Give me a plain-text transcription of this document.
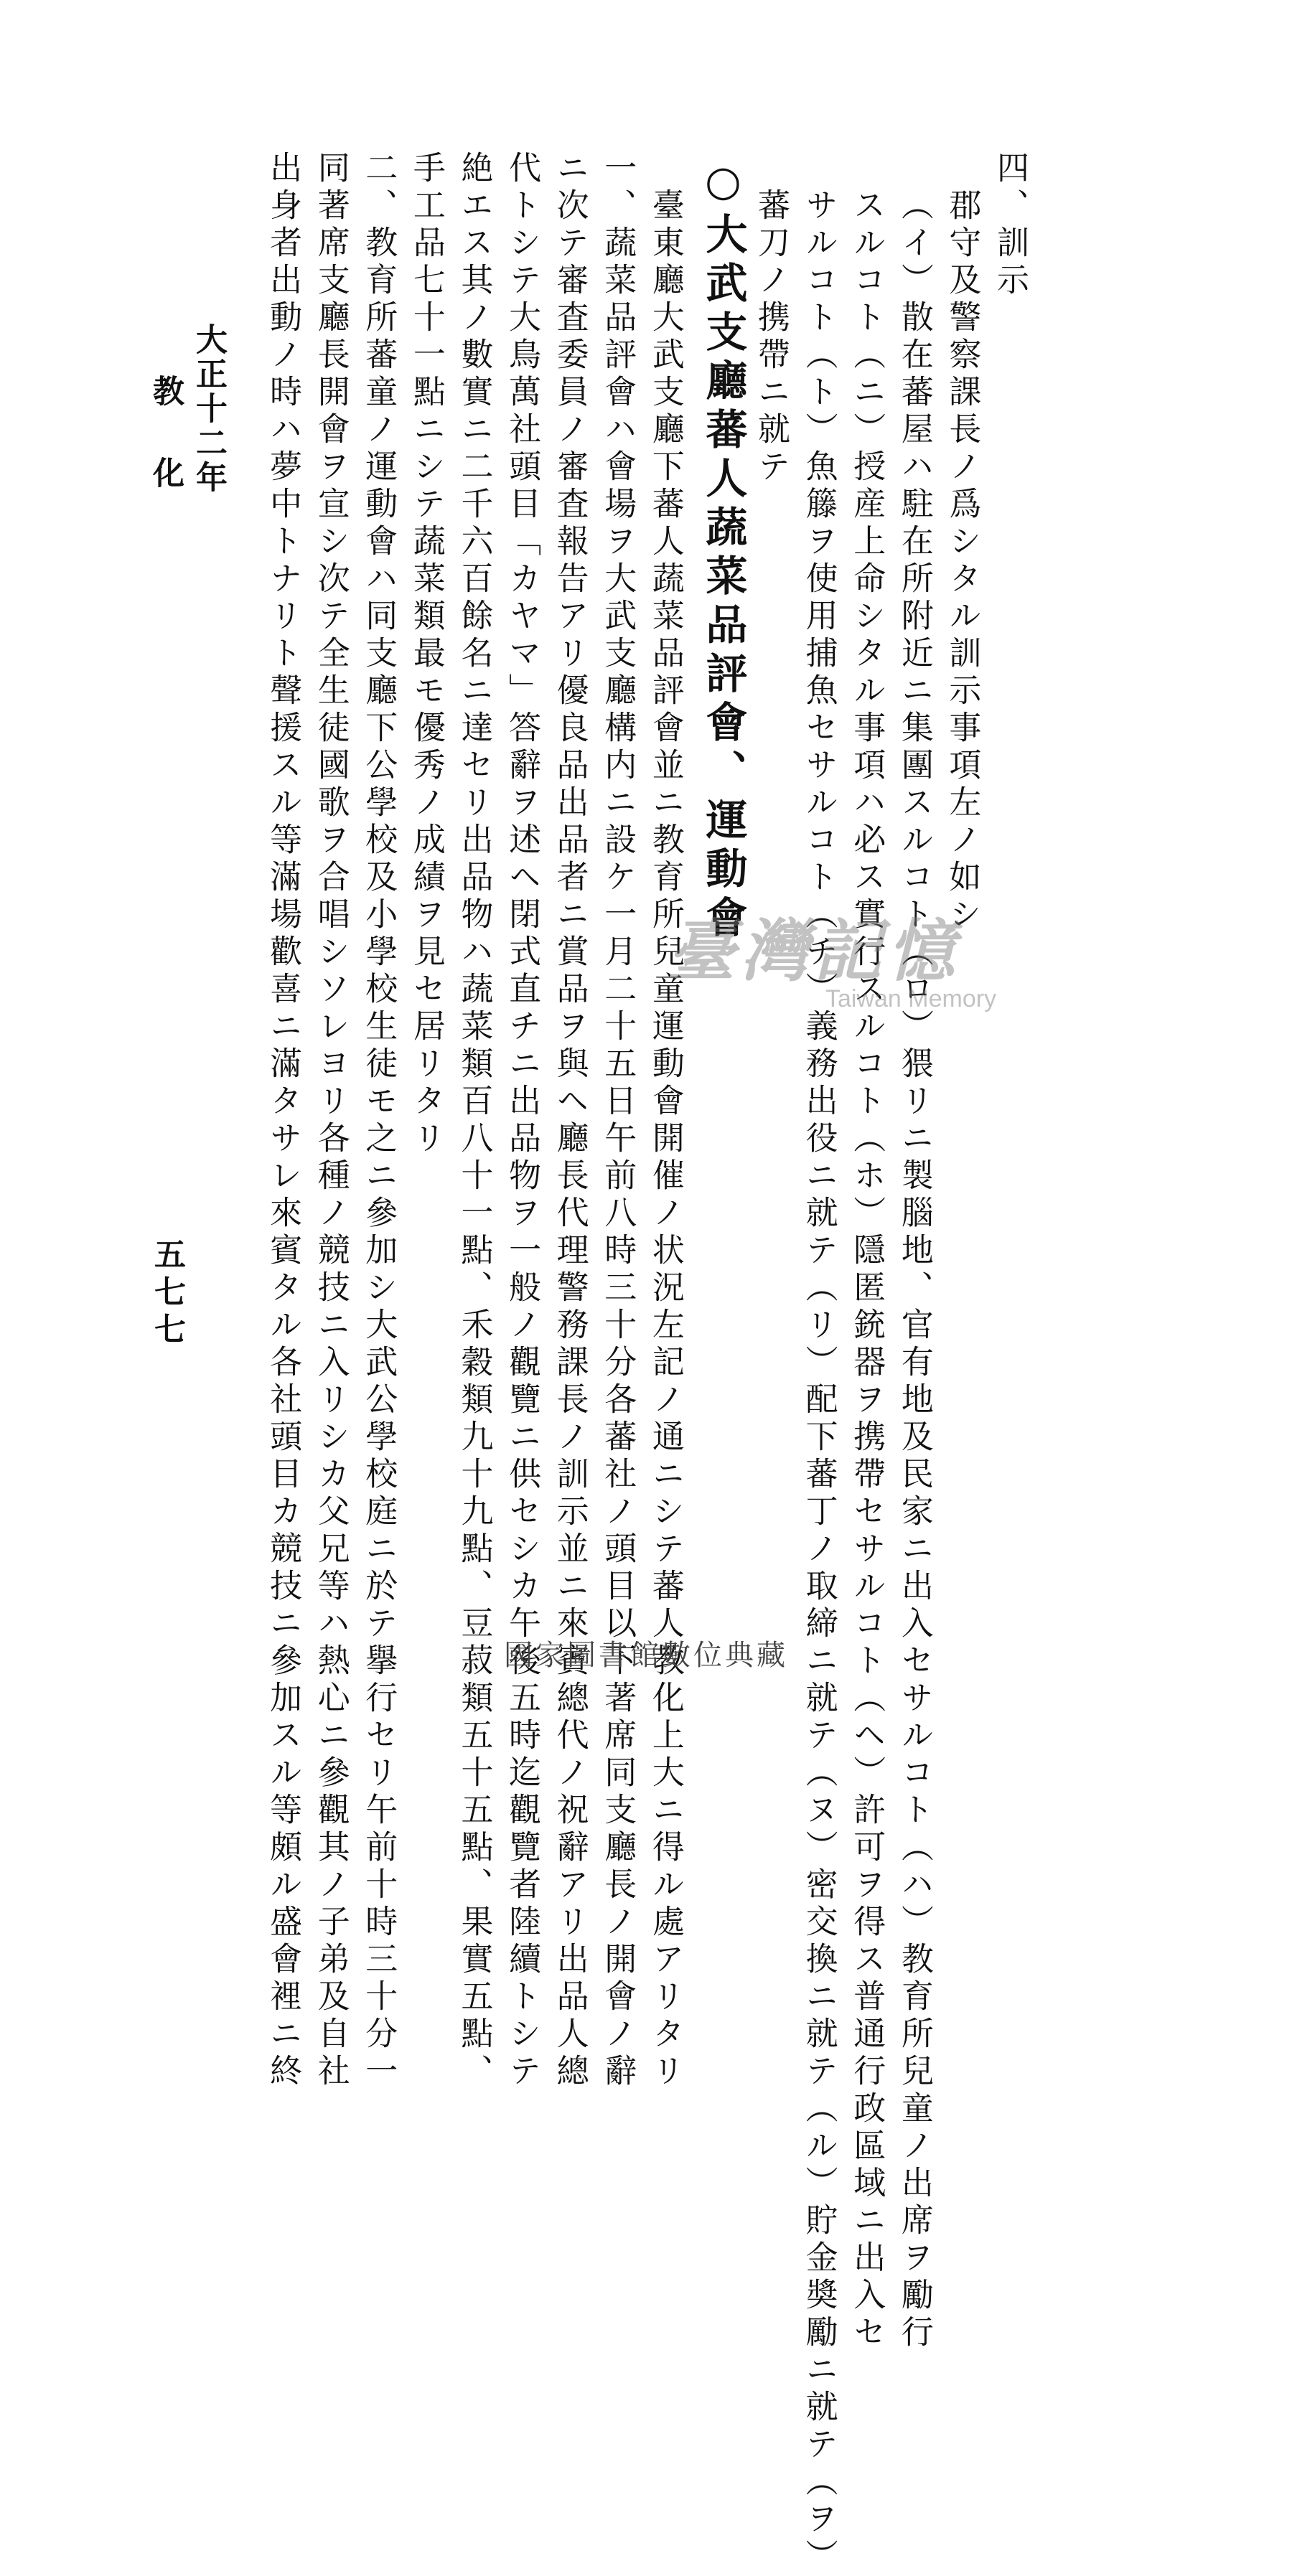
四、訓示
郡守及警察課長ノ爲シタル訓示事項左ノ如シ
（イ）散在蕃屋ハ駐在所附近ニ集團スルコト（ロ）猥リニ製腦地、官有地及民家ニ出入セサルコト（ハ）教育所兒童ノ出席ヲ勵行
スルコト（ニ）授産上命シタル事項ハ必ス實行スルコト（ホ）隱匿銃器ヲ携帶セサルコト（ヘ）許可ヲ得ス普通行政區域ニ出入セ
サルコト（ト）魚籐ヲ使用捕魚セサルコト（チ）義務出役ニ就テ（リ）配下蕃丁ノ取締ニ就テ（ヌ）密交換ニ就テ（ル）貯金奬勵ニ就テ（ヲ）
蕃刀ノ携帶ニ就テ
○大武支廳蕃人蔬菜品評會、運動會
臺東廳大武支廳下蕃人蔬菜品評會並ニ教育所兒童運動會開催ノ状況左記ノ通ニシテ蕃人教化上大ニ得ル處アリタリ
一、蔬菜品評會ハ會場ヲ大武支廳構内ニ設ケ一月二十五日午前八時三十分各蕃社ノ頭目以下著席同支廳長ノ開會ノ辭
ニ次テ審査委員ノ審査報告アリ優良品出品者ニ賞品ヲ與ヘ廳長代理警務課長ノ訓示並ニ來賓總代ノ祝辭アリ出品人總
代トシテ大鳥萬社頭目「カヤマ」答辭ヲ述ヘ閉式直チニ出品物ヲ一般ノ觀覽ニ供セシカ午後五時迄觀覽者陸續トシテ
絶エス其ノ數實ニ二千六百餘名ニ達セリ出品物ハ蔬菜類百八十一點、禾穀類九十九點、豆菽類五十五點、果實五點、
手工品七十一點ニシテ蔬菜類最モ優秀ノ成績ヲ見セ居リタリ
二、教育所蕃童ノ運動會ハ同支廳下公學校及小學校生徒モ之ニ參加シ大武公學校庭ニ於テ擧行セリ午前十時三十分一
同著席支廳長開會ヲ宣シ次テ全生徒國歌ヲ合唱シソレヨリ各種ノ競技ニ入リシカ父兄等ハ熱心ニ參觀其ノ子弟及自社
出身者出動ノ時ハ夢中トナリト聲援スル等滿場歡喜ニ滿タサレ來賓タル各社頭目カ競技ニ參加スル等頗ル盛會裡ニ終
大正十二年
教化
五七七
臺灣記憶
Taiwan Memory
國家圖書館數位典藏
